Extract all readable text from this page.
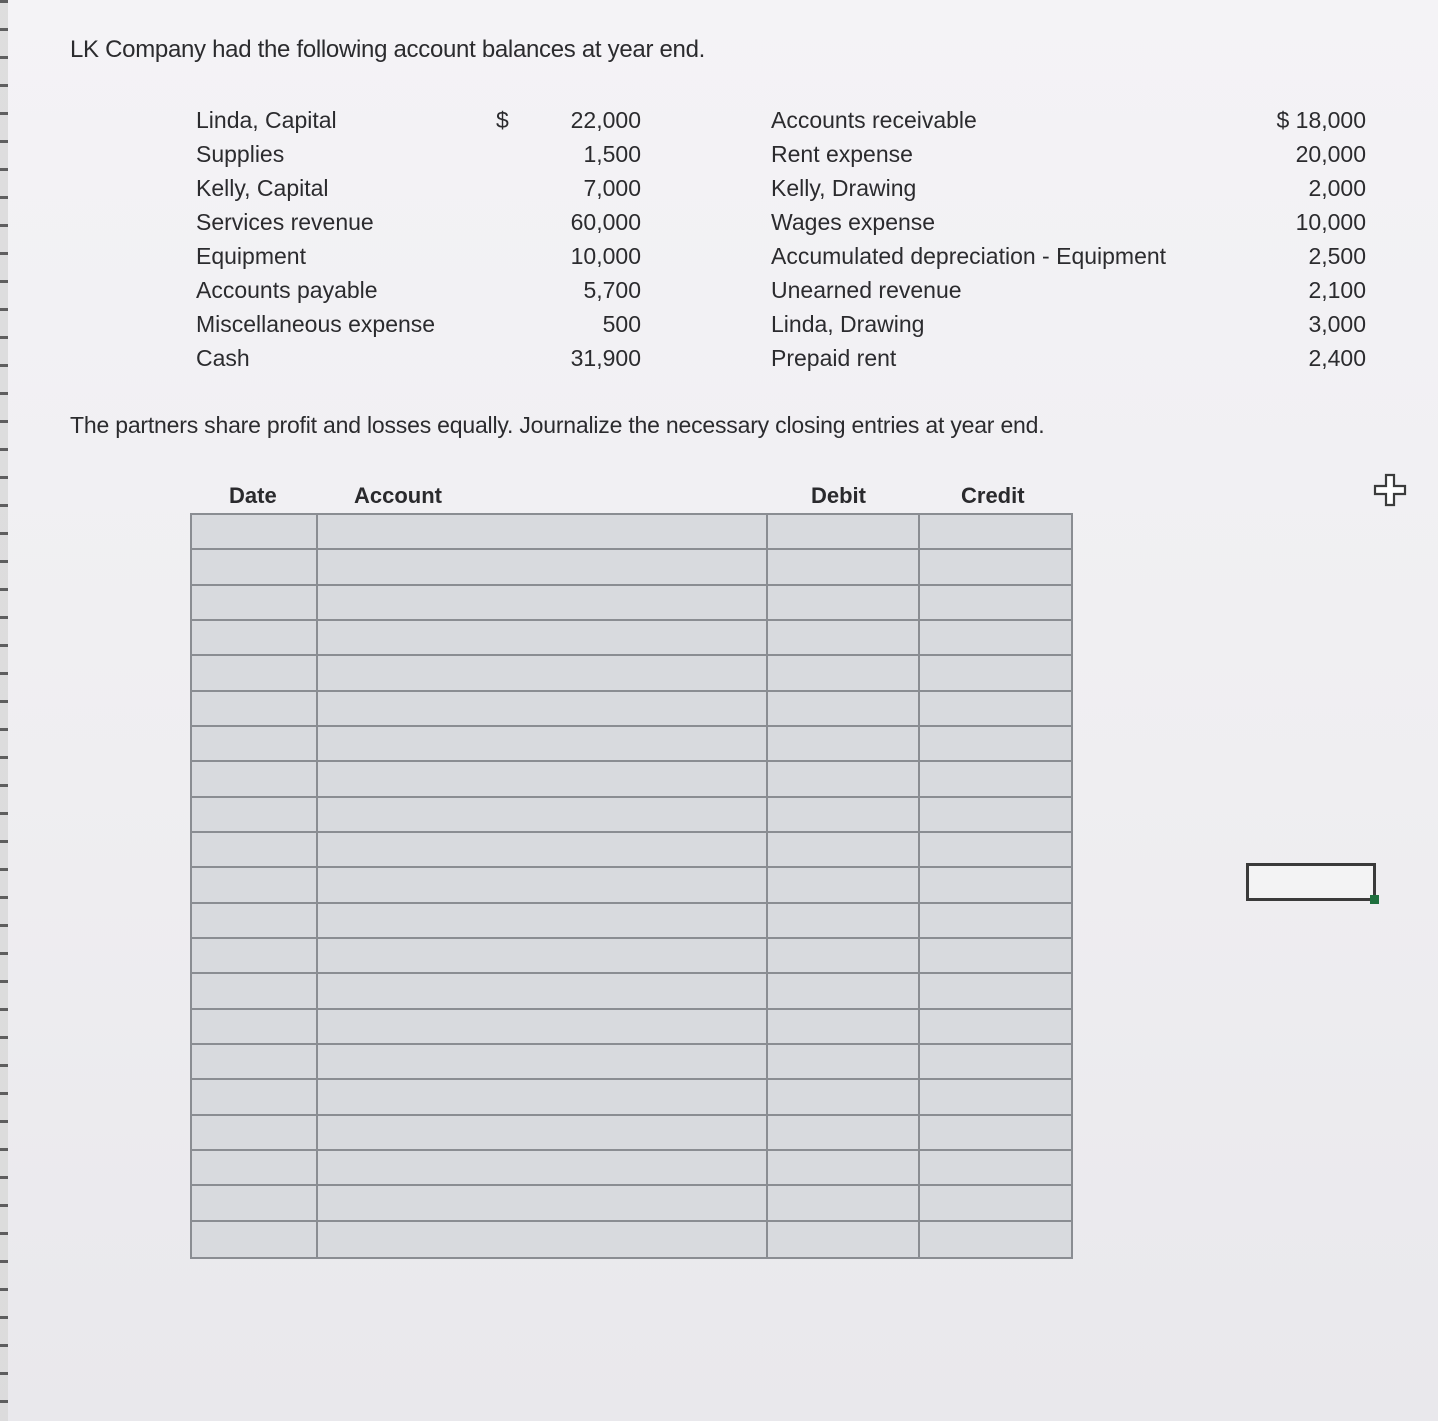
LK Company had the following account balances at year end.

Linda, Capital	$	22,000
Supplies	1,500
Kelly, Capital	7,000
Services revenue	60,000
Equipment	10,000
Accounts payable	5,700
Miscellaneous expense	500
Cash	31,900
Accounts receivable	$ 18,000
Rent expense	20,000
Kelly, Drawing	2,000
Wages expense	10,000
Accumulated depreciation - Equipment	2,500
Unearned revenue	2,100
Linda, Drawing	3,000
Prepaid rent	2,400

The partners share profit and losses equally. Journalize the necessary closing entries at year end.

Date	Account	Debit	Credit
